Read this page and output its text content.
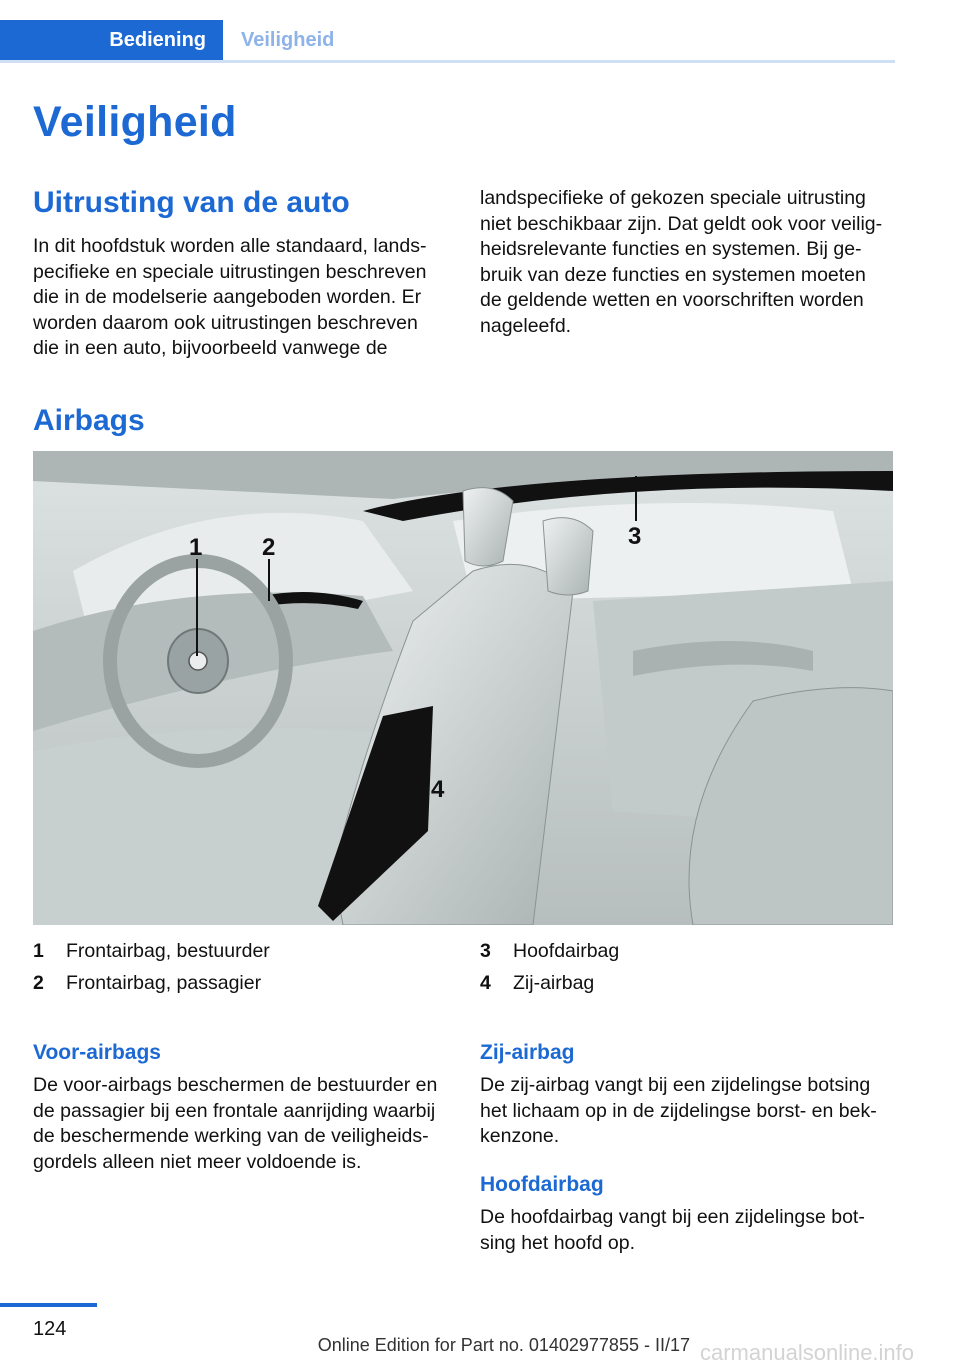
Bediening Veiligheid
Veiligheid
Uitrusting van de auto

In dit hoofdstuk worden alle standaard, lands-
pecifieke en speciale uitrustingen beschreven
die in de modelserie aangeboden worden. Er
worden daarom ook uitrustingen beschreven
die in een auto, bijvoorbeeld vanwege de

landspecifieke of gekozen speciale uitrusting
niet beschikbaar zijn. Dat geldt ook voor veilig-
heidsrelevante functies en systemen. Bij ge-
bruik van deze functies en systemen moeten
de geldende wetten en voorschriften worden
nageleefd.

Airbags
1 2	3
4
1	Frontairbag, bestuurder
2	Frontairbag, passagier
3	Hoofdairbag
4	Zij-airbag
Voor-airbags

De voor-airbags beschermen de bestuurder en
de passagier bij een frontale aanrijding waarbij
de beschermende werking van de veiligheids-
gordels alleen niet meer voldoende is.

Zij-airbag

De zij-airbag vangt bij een zijdelingse botsing
het lichaam op in de zijdelingse borst- en bek-
kenzone.

Hoofdairbag

De hoofdairbag vangt bij een zijdelingse bot-
sing het hoofd op.

124
Online Edition for Part no. 01402977855 - II/17 carmanualsonline.info
